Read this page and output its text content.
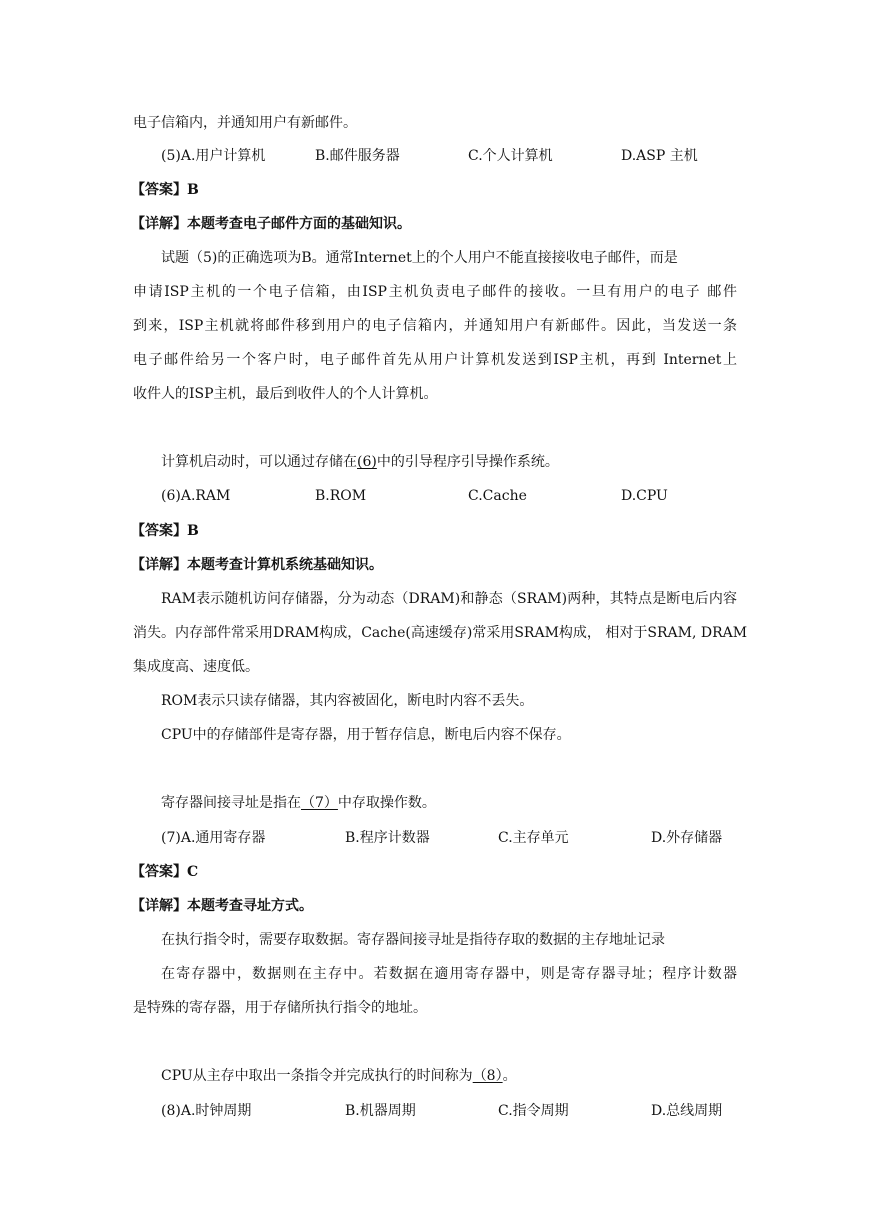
电子信箱内，并通知用户有新邮件。
(5)A.用户计算机	B.邮件服务器	C.个人计算机	D.ASP 主机
【答案】B
【详解】本题考查电子邮件方面的基础知识。
试题（5)的正确选项为B。通常Internet上的个人用户不能直接接收电子邮件，而是
申请ISP主机的一个电子信箱，由ISP主机负责电子邮件的接收。一旦有用户的电子 邮件
到来，ISP主机就将邮件移到用户的电子信箱内，并通知用户有新邮件。因此，当发送一条
电子邮件给另一个客户时，电子邮件首先从用户计算机发送到ISP主机，再到 Internet上
收件人的ISP主机，最后到收件人的个人计算机。
计算机启动时，可以通过存储在(6)中的引导程序引导操作系统。
(6)A.RAM	B.ROM	C.Cache	D.CPU
【答案】B
【详解】本题考查计算机系统基础知识。
RAM表示随机访问存储器，分为动态（DRAM)和静态（SRAM)两种，其特点是断电后内容
消失。内存部件常采用DRAM构成，Cache(高速缓存)常采用SRAM构成， 相对于SRAM, DRAM
集成度高、速度低。
ROM表示只读存储器，其内容被固化，断电时内容不丢失。
CPU中的存储部件是寄存器，用于暂存信息，断电后内容不保存。
寄存器间接寻址是指在（7）中存取操作数。
(7)A.通用寄存器	B.程序计数器	C.主存单元	D.外存储器
【答案】C
【详解】本题考查寻址方式。
在执行指令时，需要存取数据。寄存器间接寻址是指待存取的数据的主存地址记录
在寄存器中，数据则在主存中。若数据在適用寄存器中，则是寄存器寻址；程序计数器
是特殊的寄存器，用于存储所执行指令的地址。
CPU从主存中取出一条指令并完成执行的时间称为（8）。
(8)A.时钟周期	B.机器周期	C.指令周期	D.总线周期
